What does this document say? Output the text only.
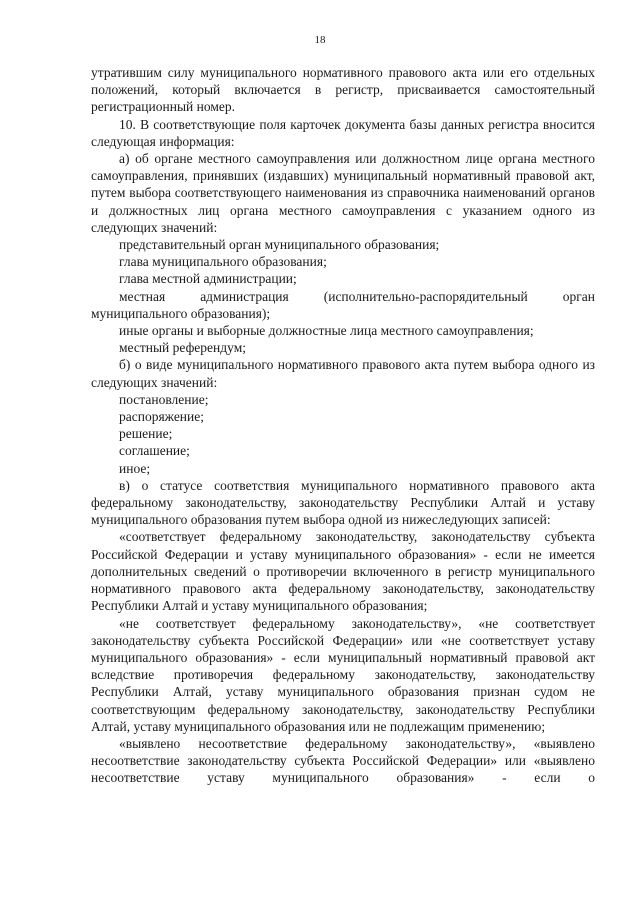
18

утратившим силу муниципального нормативного правового акта или его отдельных положений, который включается в регистр, присваивается самостоятельный регистрационный номер.

10. В соответствующие поля карточек документа базы данных регистра вносится следующая информация:

а) об органе местного самоуправления или должностном лице органа местного самоуправления, принявших (издавших) муниципальный нормативный правовой акт, путем выбора соответствующего наименования из справочника наименований органов и должностных лиц органа местного самоуправления с указанием одного из следующих значений:

представительный орган муниципального образования;

глава муниципального образования;

глава местной администрации;

местная администрация (исполнительно-распорядительный орган муниципального образования);

иные органы и выборные должностные лица местного самоуправления;

местный референдум;

б) о виде муниципального нормативного правового акта путем выбора одного из следующих значений:

постановление;

распоряжение;

решение;

соглашение;

иное;

в) о статусе соответствия муниципального нормативного правового акта федеральному законодательству, законодательству Республики Алтай и уставу муниципального образования путем выбора одной из нижеследующих записей:

«соответствует федеральному законодательству, законодательству субъекта Российской Федерации и уставу муниципального образования» - если не имеется дополнительных сведений о противоречии включенного в регистр муниципального нормативного правового акта федеральному законодательству, законодательству Республики Алтай и уставу муниципального образования;

«не соответствует федеральному законодательству», «не соответствует законодательству субъекта Российской Федерации» или «не соответствует уставу муниципального образования» - если муниципальный нормативный правовой акт вследствие противоречия федеральному законодательству, законодательству Республики Алтай, уставу муниципального образования признан судом не соответствующим федеральному законодательству, законодательству Республики Алтай, уставу муниципального образования или не подлежащим применению;

«выявлено несоответствие федеральному законодательству», «выявлено несоответствие законодательству субъекта Российской Федерации» или «выявлено несоответствие уставу муниципального образования» - если о
